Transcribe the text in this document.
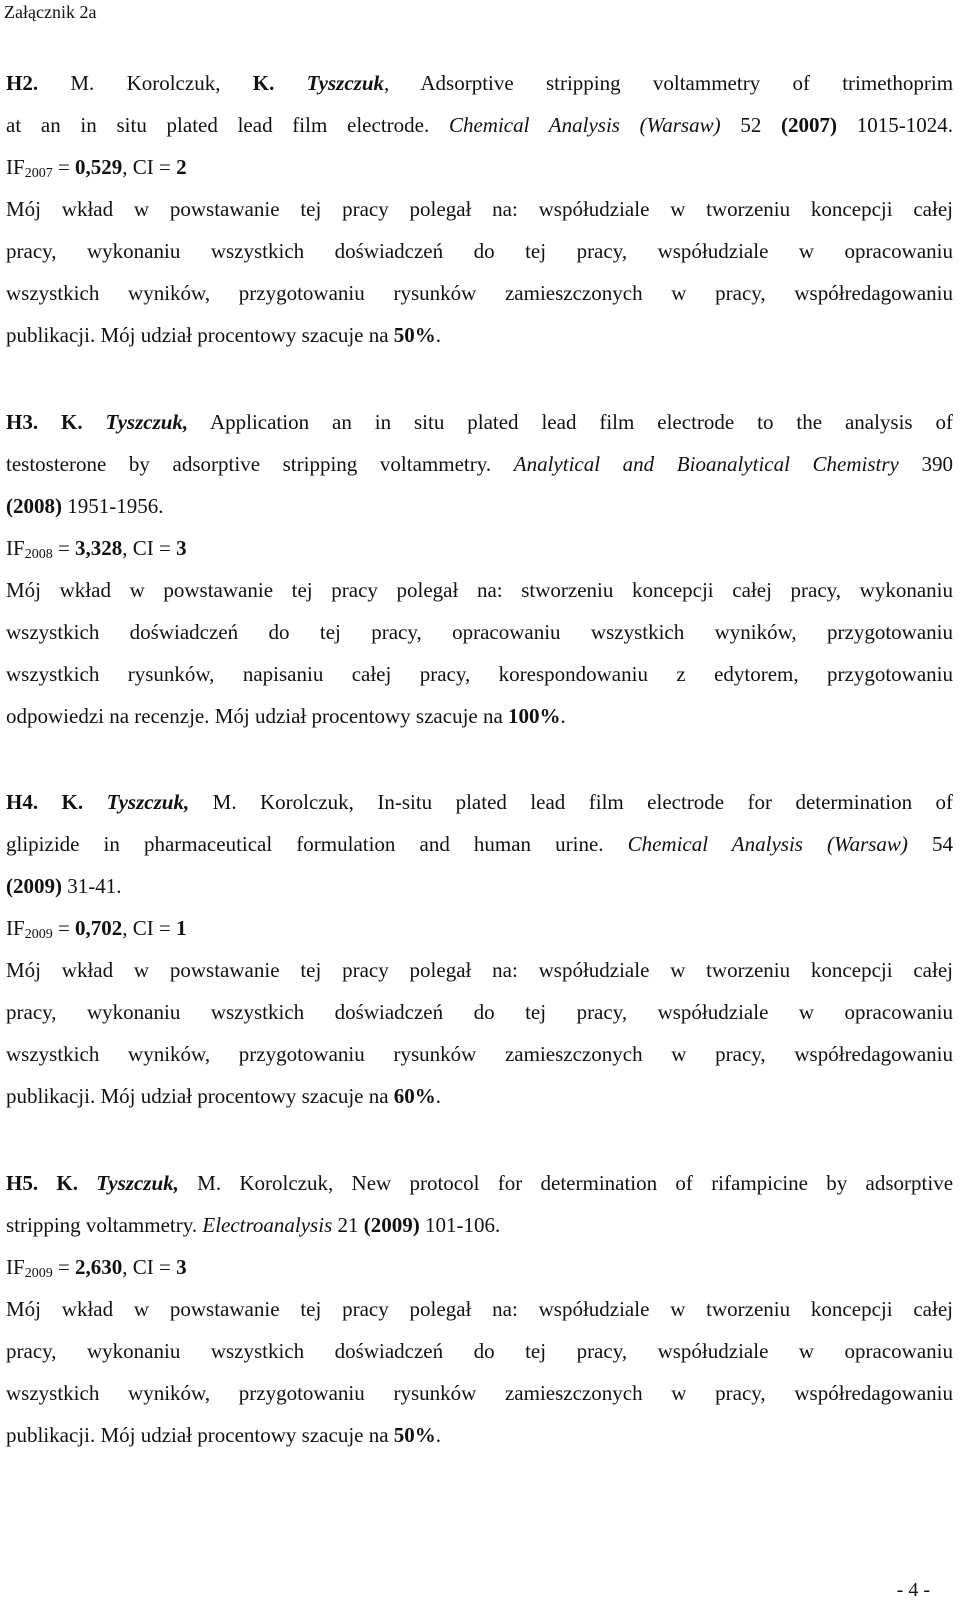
Załącznik 2a
H2. M. Korolczuk, K. Tyszczuk, Adsorptive stripping voltammetry of trimethoprim
at an in situ plated lead film electrode. Chemical Analysis (Warsaw) 52 (2007) 1015-1024.
$IF_{2007} = 0,529$, CI = 2
Mój wkład w powstawanie tej pracy polegał na: współudziale w tworzeniu koncepcji całej
pracy, wykonaniu wszystkich doświadczeń do tej pracy, współudziale w opracowaniu
wszystkich wyników, przygotowaniu rysunków zamieszczonych w pracy, współredagowaniu
publikacji. Mój udział procentowy szacuje na 50%.
H3. K. Tyszczuk, Application an in situ plated lead film electrode to the analysis of
testosterone by adsorptive stripping voltammetry. Analytical and Bioanalytical Chemistry 390
(2008) 1951-1956.
$IF_{2008} = 3,328$, CI = 3
Mój wkład w powstawanie tej pracy polegał na: stworzeniu koncepcji całej pracy, wykonaniu
wszystkich doświadczeń do tej pracy, opracowaniu wszystkich wyników, przygotowaniu
wszystkich rysunków, napisaniu całej pracy, korespondowaniu z edytorem, przygotowaniu
odpowiedzi na recenzje. Mój udział procentowy szacuje na 100%.
H4. K. Tyszczuk, M. Korolczuk, In-situ plated lead film electrode for determination of
glipizide in pharmaceutical formulation and human urine. Chemical Analysis (Warsaw) 54
(2009) 31-41.
$IF_{2009} = 0,702$, CI = 1
Mój wkład w powstawanie tej pracy polegał na: współudziale w tworzeniu koncepcji całej
pracy, wykonaniu wszystkich doświadczeń do tej pracy, współudziale w opracowaniu
wszystkich wyników, przygotowaniu rysunków zamieszczonych w pracy, współredagowaniu
publikacji. Mój udział procentowy szacuje na 60%.
H5. K. Tyszczuk, M. Korolczuk, New protocol for determination of rifampicine by adsorptive
stripping voltammetry. Electroanalysis 21 (2009) 101-106.
$IF_{2009} = 2,630$, CI = 3
Mój wkład w powstawanie tej pracy polegał na: współudziale w tworzeniu koncepcji całej
pracy, wykonaniu wszystkich doświadczeń do tej pracy, współudziale w opracowaniu
wszystkich wyników, przygotowaniu rysunków zamieszczonych w pracy, współredagowaniu
publikacji. Mój udział procentowy szacuje na 50%.
- 4 -
